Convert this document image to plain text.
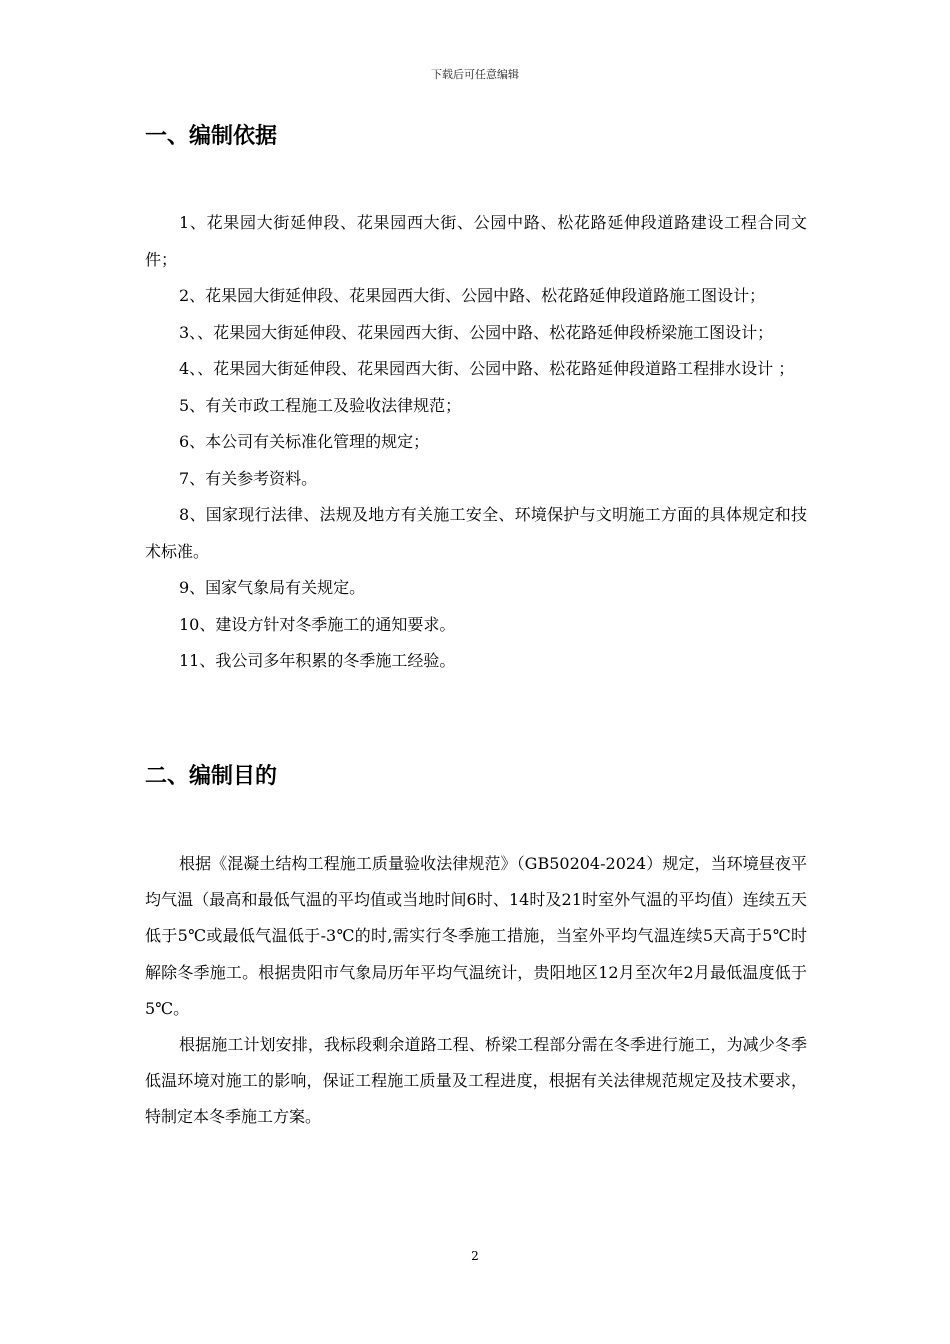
下载后可任意编辑
一、编制依据

1、花果园大街延伸段、花果园西大街、公园中路、松花路延伸段道路建设工程合同文件；

2、花果园大街延伸段、花果园西大街、公园中路、松花路延伸段道路施工图设计；

3、、花果园大街延伸段、花果园西大街、公园中路、松花路延伸段桥梁施工图设计；

4、、花果园大街延伸段、花果园西大街、公园中路、松花路延伸段道路工程排水设计 ；

5、有关市政工程施工及验收法律规范；

6、本公司有关标准化管理的规定；

7、有关参考资料。

8、国家现行法律、法规及地方有关施工安全、环境保护与文明施工方面的具体规定和技术标准。

9、国家气象局有关规定。

10、建设方针对冬季施工的通知要求。

11、我公司多年积累的冬季施工经验。

二、编制目的

根据《混凝土结构工程施工质量验收法律规范》（GB50204-2024）规定，当环境昼夜平均气温（最高和最低气温的平均值或当地时间6时、14时及21时室外气温的平均值）连续五天低于5℃或最低气温低于-3℃的时,需实行冬季施工措施，当室外平均气温连续5天高于5℃时解除冬季施工。根据贵阳市气象局历年平均气温统计，贵阳地区12月至次年2月最低温度低于5℃。

根据施工计划安排，我标段剩余道路工程、桥梁工程部分需在冬季进行施工，为减少冬季低温环境对施工的影响，保证工程施工质量及工程进度，根据有关法律规范规定及技术要求，特制定本冬季施工方案。

2
